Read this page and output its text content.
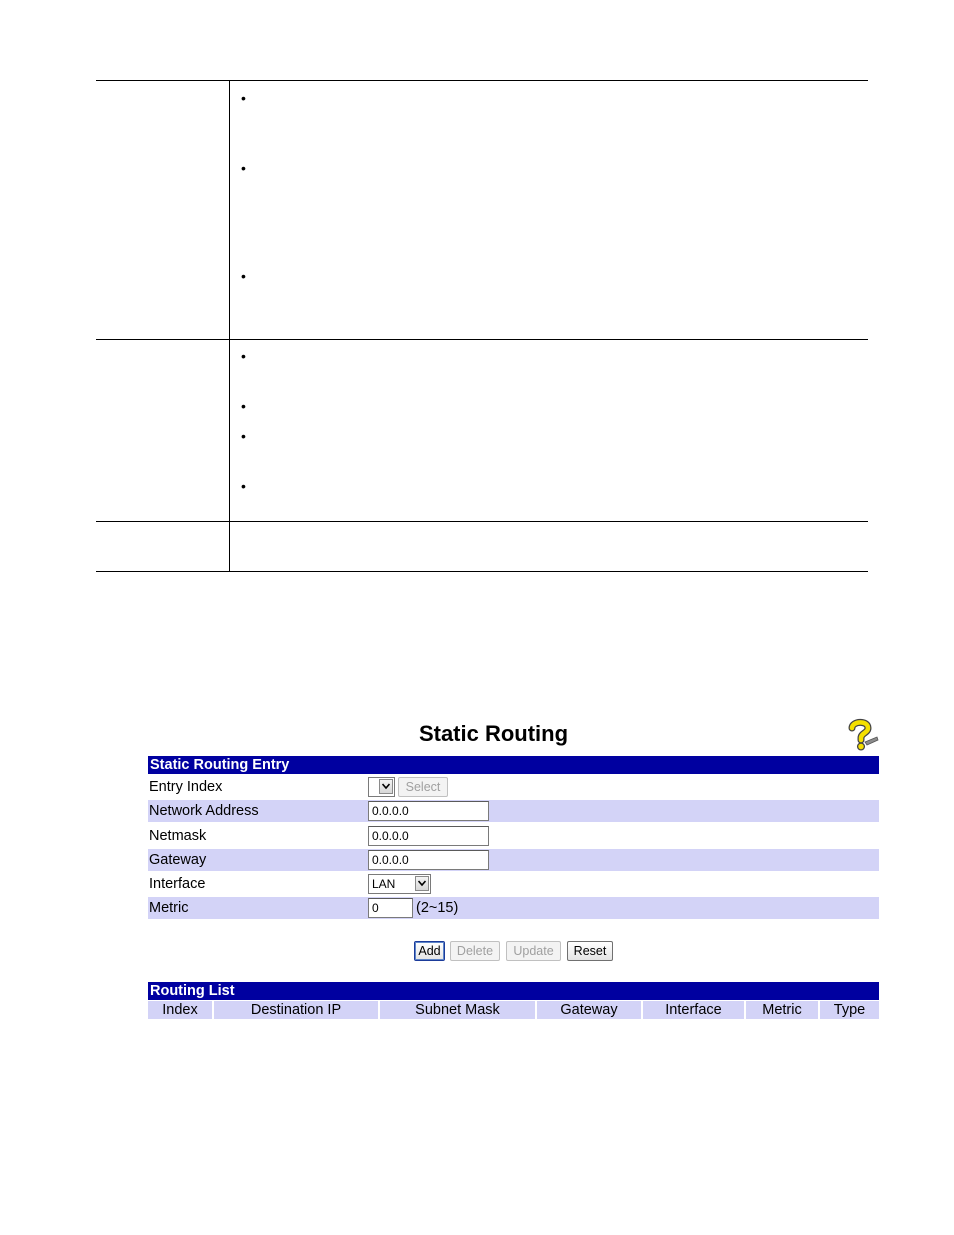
•
•
•
•
•
•
•
Static Routing
Static Routing Entry
Entry Index	Select
Network Address	0.0.0.0
Netmask	0.0.0.0
Gateway	0.0.0.0
Interface	LAN
Metric	0	(2~15)
Add	Delete	Update	Reset
Routing List
Index	Destination IP	Subnet Mask	Gateway	Interface	Metric	Type
